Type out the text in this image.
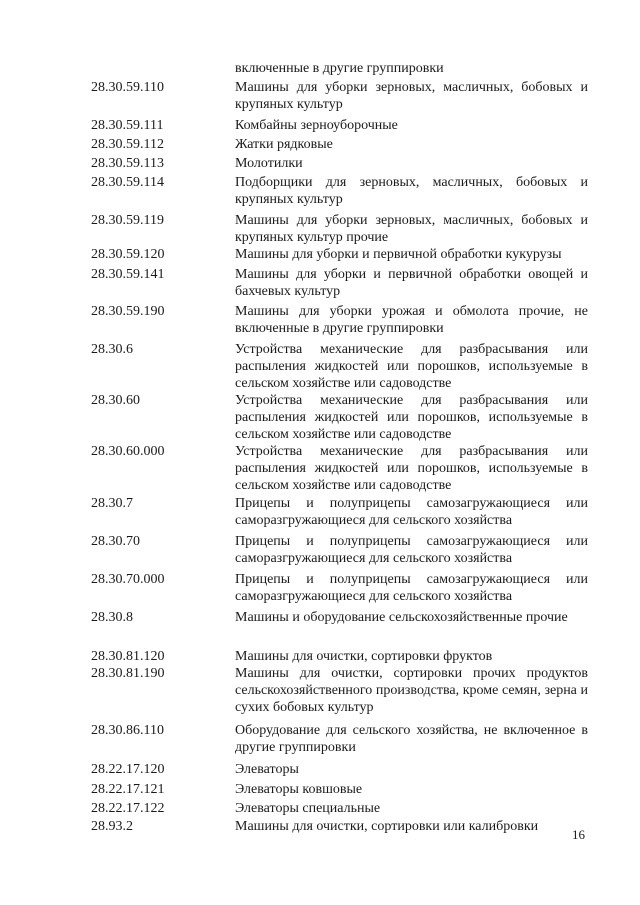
включенные в другие группировки
28.30.59.110	Машины для уборки зерновых, масличных, бобовых и крупяных культур
28.30.59.111	Комбайны зерноуборочные
28.30.59.112	Жатки рядковые
28.30.59.113	Молотилки
28.30.59.114	Подборщики для зерновых, масличных, бобовых и крупяных культур
28.30.59.119	Машины для уборки зерновых, масличных, бобовых и крупяных культур прочие
28.30.59.120	Машины для уборки и первичной обработки кукурузы
28.30.59.141	Машины для уборки и первичной обработки овощей и бахчевых культур
28.30.59.190	Машины для уборки урожая и обмолота прочие, не включенные в другие группировки
28.30.6	Устройства механические для разбрасывания или распыления жидкостей или порошков, используемые в сельском хозяйстве или садоводстве
28.30.60	Устройства механические для разбрасывания или распыления жидкостей или порошков, используемые в сельском хозяйстве или садоводстве
28.30.60.000	Устройства механические для разбрасывания или распыления жидкостей или порошков, используемые в сельском хозяйстве или садоводстве
28.30.7	Прицепы и полуприцепы самозагружающиеся или саморазгружающиеся для сельского хозяйства
28.30.70	Прицепы и полуприцепы самозагружающиеся или саморазгружающиеся для сельского хозяйства
28.30.70.000	Прицепы и полуприцепы самозагружающиеся или саморазгружающиеся для сельского хозяйства
28.30.8	Машины и оборудование сельскохозяйственные прочие
28.30.81.120	Машины для очистки, сортировки фруктов
28.30.81.190	Машины для очистки, сортировки прочих продуктов сельскохозяйственного производства, кроме семян, зерна и сухих бобовых культур
28.30.86.110	Оборудование для сельского хозяйства, не включенное в другие группировки
28.22.17.120	Элеваторы
28.22.17.121	Элеваторы ковшовые
28.22.17.122	Элеваторы специальные
28.93.2	Машины для очистки, сортировки или калибровки
16
